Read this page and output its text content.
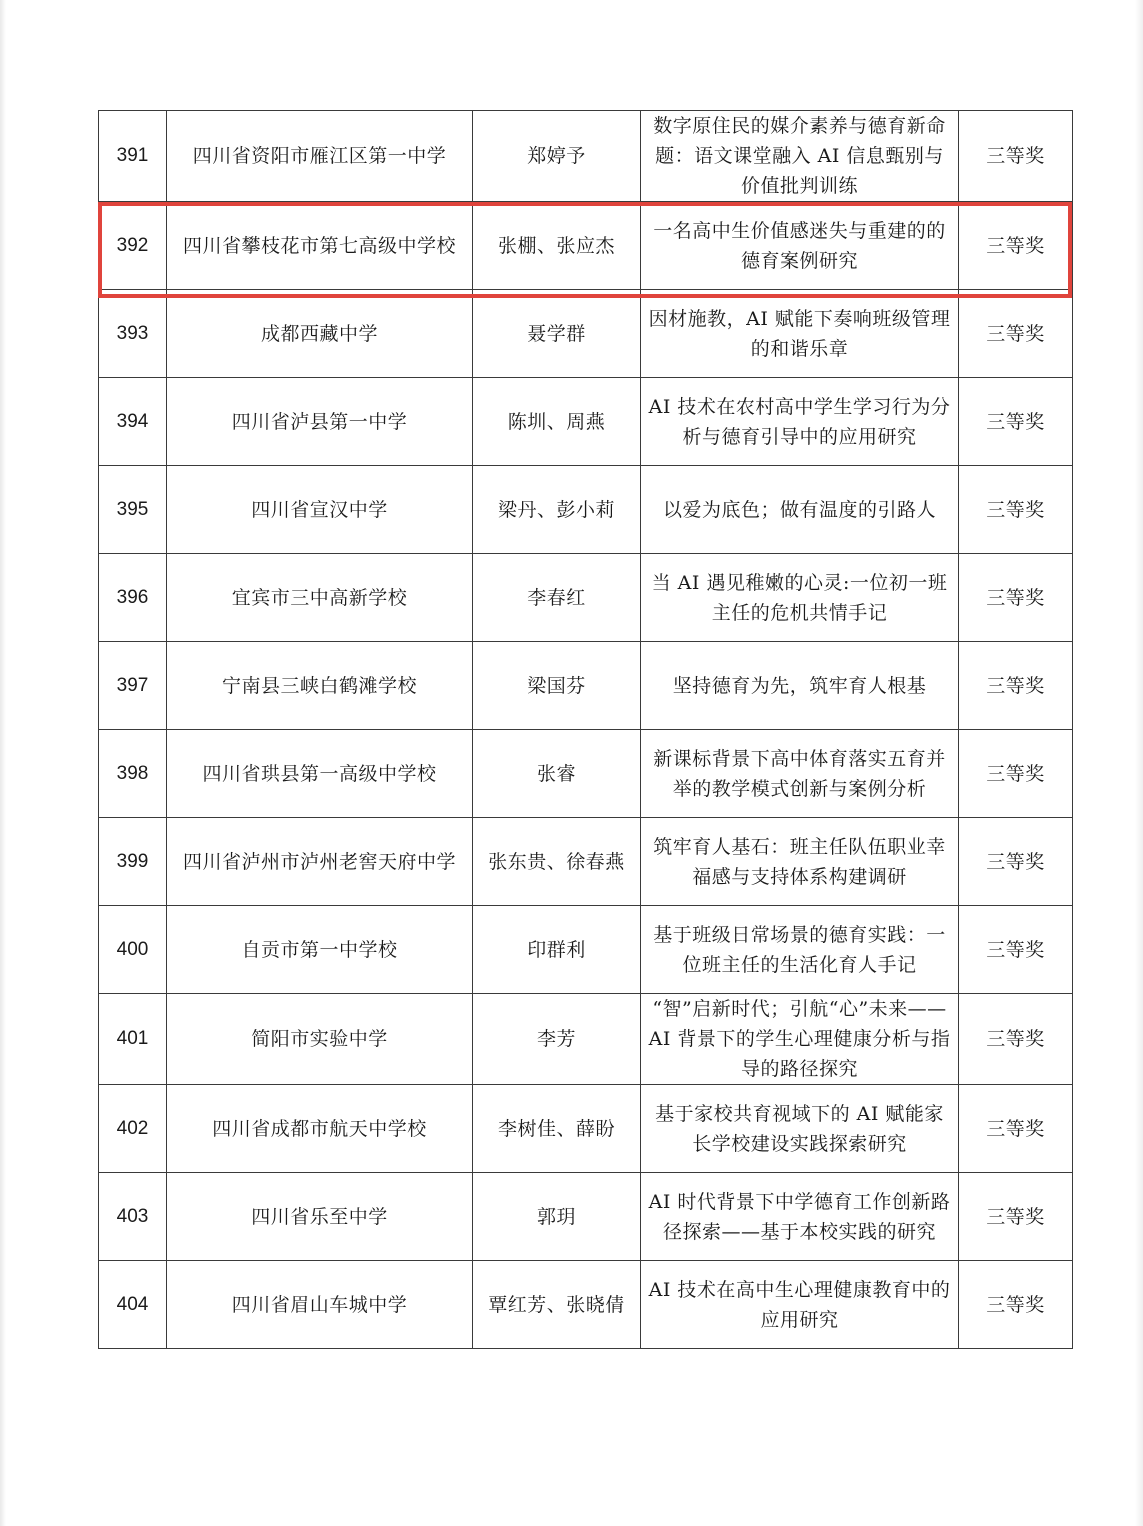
391	四川省资阳市雁江区第一中学	郑婷予	数字原住民的媒介素养与德育新命题：语文课堂融入 AI 信息甄别与价值批判训练	三等奖
392	四川省攀枝花市第七高级中学校	张棚、张应杰	一名高中生价值感迷失与重建的的德育案例研究	三等奖
393	成都西藏中学	聂学群	因材施教，AI 赋能下奏响班级管理的和谐乐章	三等奖
394	四川省泸县第一中学	陈圳、周燕	AI 技术在农村高中学生学习行为分析与德育引导中的应用研究	三等奖
395	四川省宣汉中学	梁丹、彭小莉	以爱为底色；做有温度的引路人	三等奖
396	宜宾市三中高新学校	李春红	当 AI 遇见稚嫩的心灵:一位初一班主任的危机共情手记	三等奖
397	宁南县三峡白鹤滩学校	梁国芬	坚持德育为先，筑牢育人根基	三等奖
398	四川省珙县第一高级中学校	张睿	新课标背景下高中体育落实五育并举的教学模式创新与案例分析	三等奖
399	四川省泸州市泸州老窖天府中学	张东贵、徐春燕	筑牢育人基石：班主任队伍职业幸福感与支持体系构建调研	三等奖
400	自贡市第一中学校	印群利	基于班级日常场景的德育实践：一位班主任的生活化育人手记	三等奖
401	简阳市实验中学	李芳	“智”启新时代；引航“心”未来——AI 背景下的学生心理健康分析与指导的路径探究	三等奖
402	四川省成都市航天中学校	李树佳、薛盼	基于家校共育视域下的 AI 赋能家长学校建设实践探索研究	三等奖
403	四川省乐至中学	郭玥	AI 时代背景下中学德育工作创新路径探索——基于本校实践的研究	三等奖
404	四川省眉山车城中学	覃红芳、张晓倩	AI 技术在高中生心理健康教育中的应用研究	三等奖
